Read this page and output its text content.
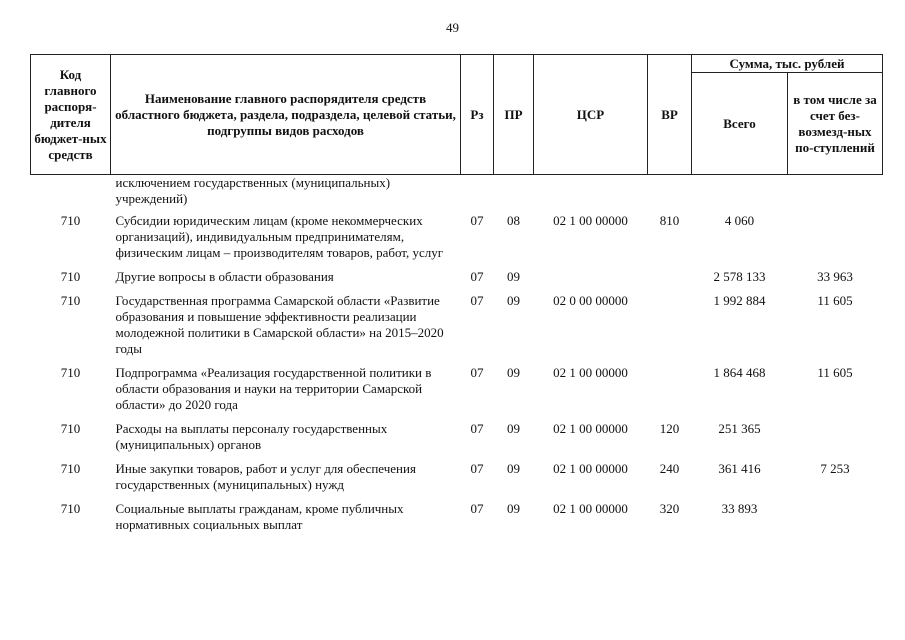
49
Код главного распоря-дителя бюджет-ных средств	Наименование главного распорядителя средств областного бюджета, раздела, подраздела, целевой статьи, подгруппы видов расходов	Рз	ПР	ЦСР	ВР	Сумма, тыс. рублей	
						Всего	в том числе за счет без-возмезд-ных по-ступлений
	исключением государственных (муниципальных) учреждений)						
710	Субсидии юридическим лицам (кроме некоммерческих организаций), индивидуальным предпринимателям, физическим лицам – производителям товаров, работ, услуг	07	08	02 1 00 00000	810	4 060	
710	Другие вопросы в области образования	07	09			2 578 133	33 963
710	Государственная программа Самарской области «Развитие образования и повышение эффективности реализации молодежной политики в Самарской области» на 2015–2020 годы	07	09	02 0 00 00000		1 992 884	11 605
710	Подпрограмма «Реализация государственной политики в области образования и науки на территории Самарской области» до 2020 года	07	09	02 1 00 00000		1 864 468	11 605
710	Расходы на выплаты персоналу государственных (муниципальных) органов	07	09	02 1 00 00000	120	251 365	
710	Иные закупки товаров, работ и услуг для обеспечения государственных (муниципальных) нужд	07	09	02 1 00 00000	240	361 416	7 253
710	Социальные выплаты гражданам, кроме публичных нормативных социальных выплат	07	09	02 1 00 00000	320	33 893	
